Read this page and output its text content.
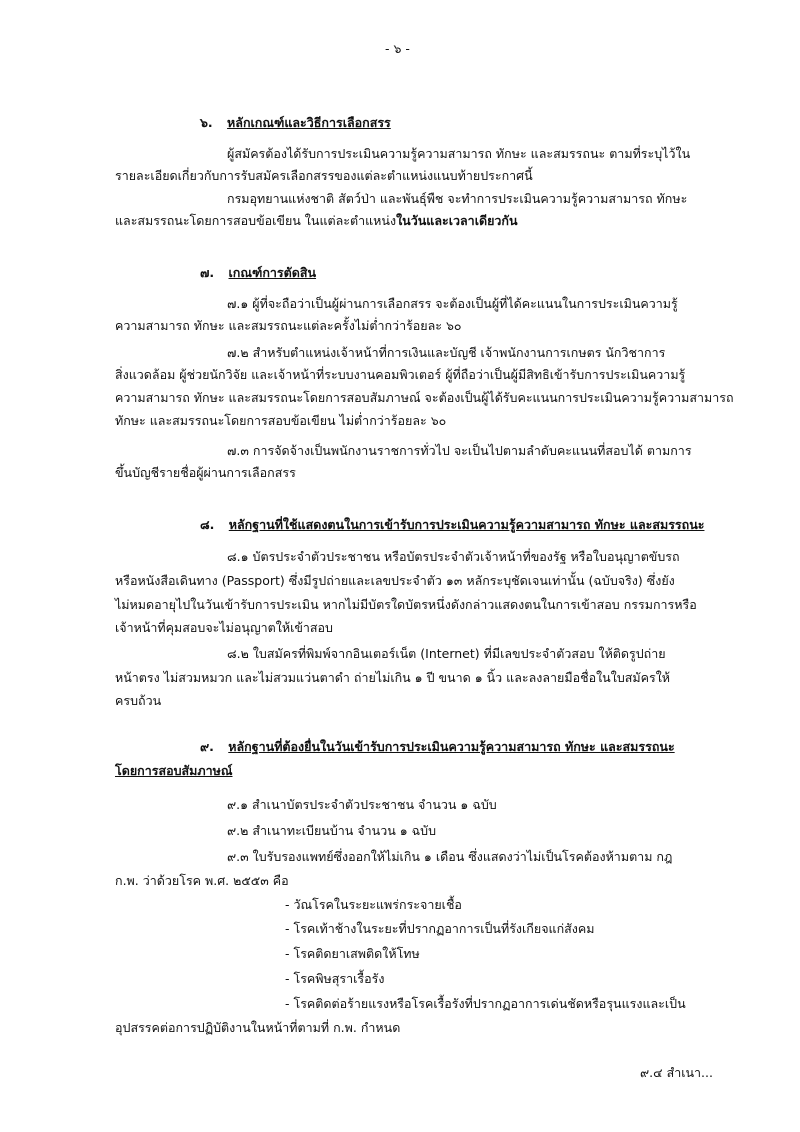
- ๖ -
๖. หลักเกณฑ์และวิธีการเลือกสรร
ผู้สมัครต้องได้รับการประเมินความรู้ความสามารถ ทักษะ และสมรรถนะ ตามที่ระบุไว้ใน
รายละเอียดเกี่ยวกับการรับสมัครเลือกสรรของแต่ละตำแหน่งแนบท้ายประกาศนี้
กรมอุทยานแห่งชาติ สัตว์ป่า และพันธุ์พืช จะทำการประเมินความรู้ความสามารถ ทักษะ
และสมรรถนะโดยการสอบข้อเขียน ในแต่ละตำแหน่งในวันและเวลาเดียวกัน
๗. เกณฑ์การตัดสิน
๗.๑ ผู้ที่จะถือว่าเป็นผู้ผ่านการเลือกสรร จะต้องเป็นผู้ที่ได้คะแนนในการประเมินความรู้
ความสามารถ ทักษะ และสมรรถนะแต่ละครั้งไม่ต่ำกว่าร้อยละ ๖๐
๗.๒ สำหรับตำแหน่งเจ้าหน้าที่การเงินและบัญชี เจ้าพนักงานการเกษตร นักวิชาการ
สิ่งแวดล้อม ผู้ช่วยนักวิจัย และเจ้าหน้าที่ระบบงานคอมพิวเตอร์ ผู้ที่ถือว่าเป็นผู้มีสิทธิเข้ารับการประเมินความรู้
ความสามารถ ทักษะ และสมรรถนะโดยการสอบสัมภาษณ์ จะต้องเป็นผู้ได้รับคะแนนการประเมินความรู้ความสามารถ
ทักษะ และสมรรถนะโดยการสอบข้อเขียน ไม่ต่ำกว่าร้อยละ ๖๐
๗.๓ การจัดจ้างเป็นพนักงานราชการทั่วไป จะเป็นไปตามลำดับคะแนนที่สอบได้ ตามการ
ขึ้นบัญชีรายชื่อผู้ผ่านการเลือกสรร
๘. หลักฐานที่ใช้แสดงตนในการเข้ารับการประเมินความรู้ความสามารถ ทักษะ และสมรรถนะ
๘.๑ บัตรประจำตัวประชาชน หรือบัตรประจำตัวเจ้าหน้าที่ของรัฐ หรือใบอนุญาตขับรถ
หรือหนังสือเดินทาง (Passport) ซึ่งมีรูปถ่ายและเลขประจำตัว ๑๓ หลักระบุชัดเจนเท่านั้น (ฉบับจริง) ซึ่งยัง
ไม่หมดอายุไปในวันเข้ารับการประเมิน หากไม่มีบัตรใดบัตรหนึ่งดังกล่าวแสดงตนในการเข้าสอบ กรรมการหรือ
เจ้าหน้าที่คุมสอบจะไม่อนุญาตให้เข้าสอบ
๘.๒ ใบสมัครที่พิมพ์จากอินเตอร์เน็ต (Internet) ที่มีเลขประจำตัวสอบ ให้ติดรูปถ่าย
หน้าตรง ไม่สวมหมวก และไม่สวมแว่นตาดำ ถ่ายไม่เกิน ๑ ปี ขนาด ๑ นิ้ว และลงลายมือชื่อในใบสมัครให้
ครบถ้วน
๙. หลักฐานที่ต้องยื่นในวันเข้ารับการประเมินความรู้ความสามารถ ทักษะ และสมรรถนะ
โดยการสอบสัมภาษณ์
๙.๑ สำเนาบัตรประจำตัวประชาชน จำนวน ๑ ฉบับ
๙.๒ สำเนาทะเบียนบ้าน จำนวน ๑ ฉบับ
๙.๓ ใบรับรองแพทย์ซึ่งออกให้ไม่เกิน ๑ เดือน ซึ่งแสดงว่าไม่เป็นโรคต้องห้ามตาม กฎ
ก.พ. ว่าด้วยโรค พ.ศ. ๒๕๕๓ คือ
- วัณโรคในระยะแพร่กระจายเชื้อ
- โรคเท้าช้างในระยะที่ปรากฏอาการเป็นที่รังเกียจแก่สังคม
- โรคติดยาเสพติดให้โทษ
- โรคพิษสุราเรื้อรัง
- โรคติดต่อร้ายแรงหรือโรคเรื้อรังที่ปรากฏอาการเด่นชัดหรือรุนแรงและเป็น
อุปสรรคต่อการปฏิบัติงานในหน้าที่ตามที่ ก.พ. กำหนด
๙.๔ สำเนา...
